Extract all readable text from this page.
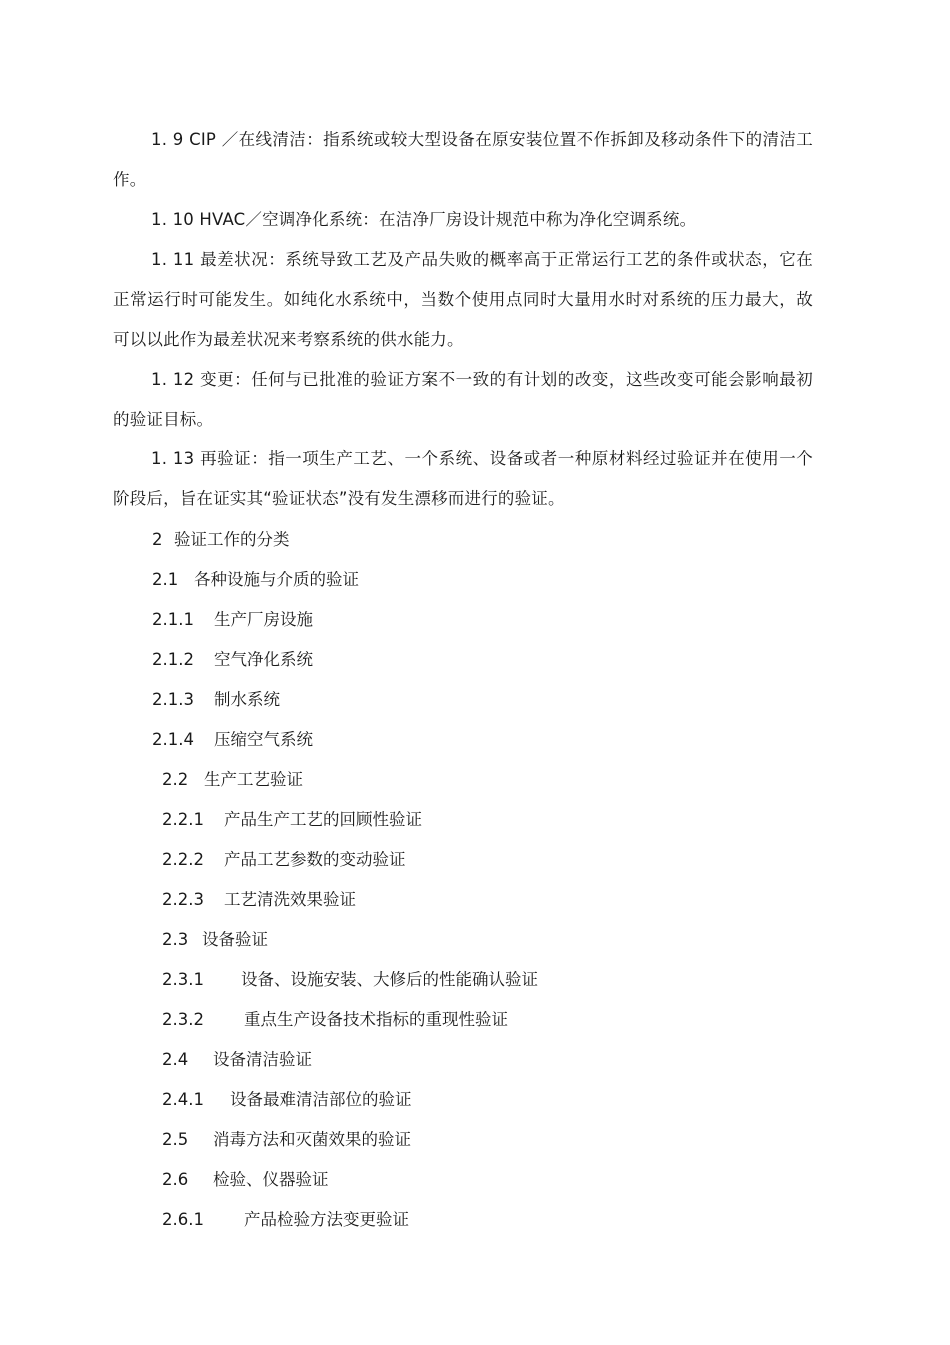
1. 9 CIP ／在线清洁：指系统或较大型设备在原安装位置不作拆卸及移动条件下的清洁工作。

1. 10 HVAC／空调净化系统：在洁净厂房设计规范中称为净化空调系统。

1. 11 最差状况：系统导致工艺及产品失败的概率高于正常运行工艺的条件或状态，它在正常运行时可能发生。如纯化水系统中，当数个使用点同时大量用水时对系统的压力最大，故可以以此作为最差状况来考察系统的供水能力。

1. 12 变更：任何与已批准的验证方案不一致的有计划的改变，这些改变可能会影响最初的验证目标。

1. 13 再验证：指一项生产工艺、一个系统、设备或者一种原材料经过验证并在使用一个阶段后，旨在证实其“验证状态”没有发生漂移而进行的验证。

2 验证工作的分类
2.1 各种设施与介质的验证
2.1.1 生产厂房设施
2.1.2 空气净化系统
2.1.3 制水系统
2.1.4 压缩空气系统
2.2 生产工艺验证
2.2.1 产品生产工艺的回顾性验证
2.2.2 产品工艺参数的变动验证
2.2.3 工艺清洗效果验证
2.3 设备验证
2.3.1 设备、设施安装、大修后的性能确认验证
2.3.2 重点生产设备技术指标的重现性验证
2.4 设备清洁验证
2.4.1 设备最难清洁部位的验证
2.5 消毒方法和灭菌效果的验证
2.6 检验、仪器验证
2.6.1 产品检验方法变更验证
